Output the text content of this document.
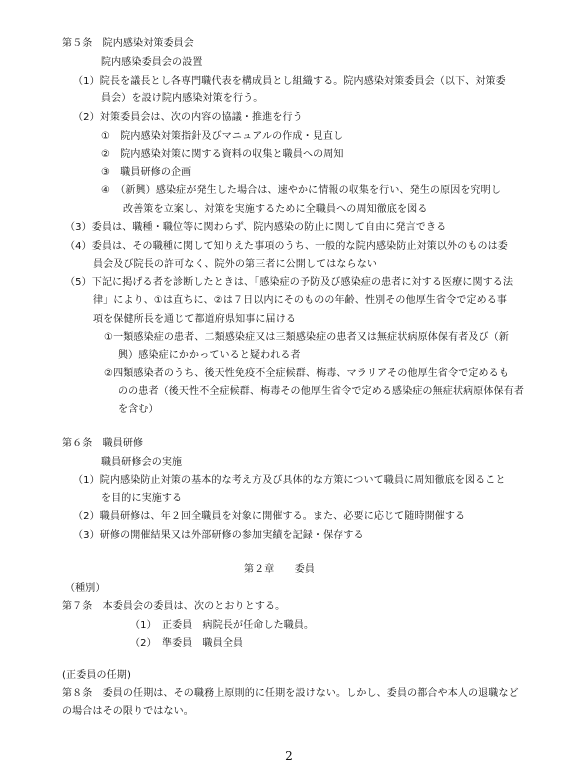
第５条　院内感染対策委員会
院内感染委員会の設置
（1）院長を議長とし各専門職代表を構成員とし組織する。院内感染対策委員会（以下、対策委
員会）を設け院内感染対策を行う。
（2）対策委員会は、次の内容の協議・推進を行う
①　院内感染対策指針及びマニュアルの作成・見直し
②　院内感染対策に関する資料の収集と職員への周知
③　職員研修の企画
④　（新興）感染症が発生した場合は、速やかに情報の収集を行い、発生の原因を究明し
改善策を立案し、対策を実施するために全職員への周知徹底を図る
（3）委員は、職種・職位等に関わらず、院内感染の防止に関して自由に発言できる
（4）委員は、その職種に関して知りえた事項のうち、一般的な院内感染防止対策以外のものは委
員会及び院長の許可なく、院外の第三者に公開してはならない
（5）下記に掲げる者を診断したときは、「感染症の予防及び感染症の患者に対する医療に関する法
律」により、①は直ちに、②は７日以内にそのものの年齢、性別その他厚生省令で定める事
項を保健所長を通じて都道府県知事に届ける
①一類感染症の患者、二類感染症又は三類感染症の患者又は無症状病原体保有者及び（新
興）感染症にかかっていると疑われる者
②四類感染者のうち、後天性免疫不全症候群、梅毒、マラリアその他厚生省令で定めるも
のの患者（後天性不全症候群、梅毒その他厚生省令で定める感染症の無症状病原体保有者
を含む）
第６条　職員研修
職員研修会の実施
（1）院内感染防止対策の基本的な考え方及び具体的な方策について職員に周知徹底を図ること
を目的に実施する
（2）職員研修は、年２回全職員を対象に開催する。また、必要に応じて随時開催する
（3）研修の開催結果又は外部研修の参加実績を記録・保存する
第２章　　委員
（種別）
第７条　本委員会の委員は、次のとおりとする。
（1）　正委員　病院長が任命した職員。
（2）　準委員　職員全員
(正委員の任期)
第８条　委員の任期は、その職務上原則的に任期を設けない。しかし、委員の都合や本人の退職など
の場合はその限りではない。
2
